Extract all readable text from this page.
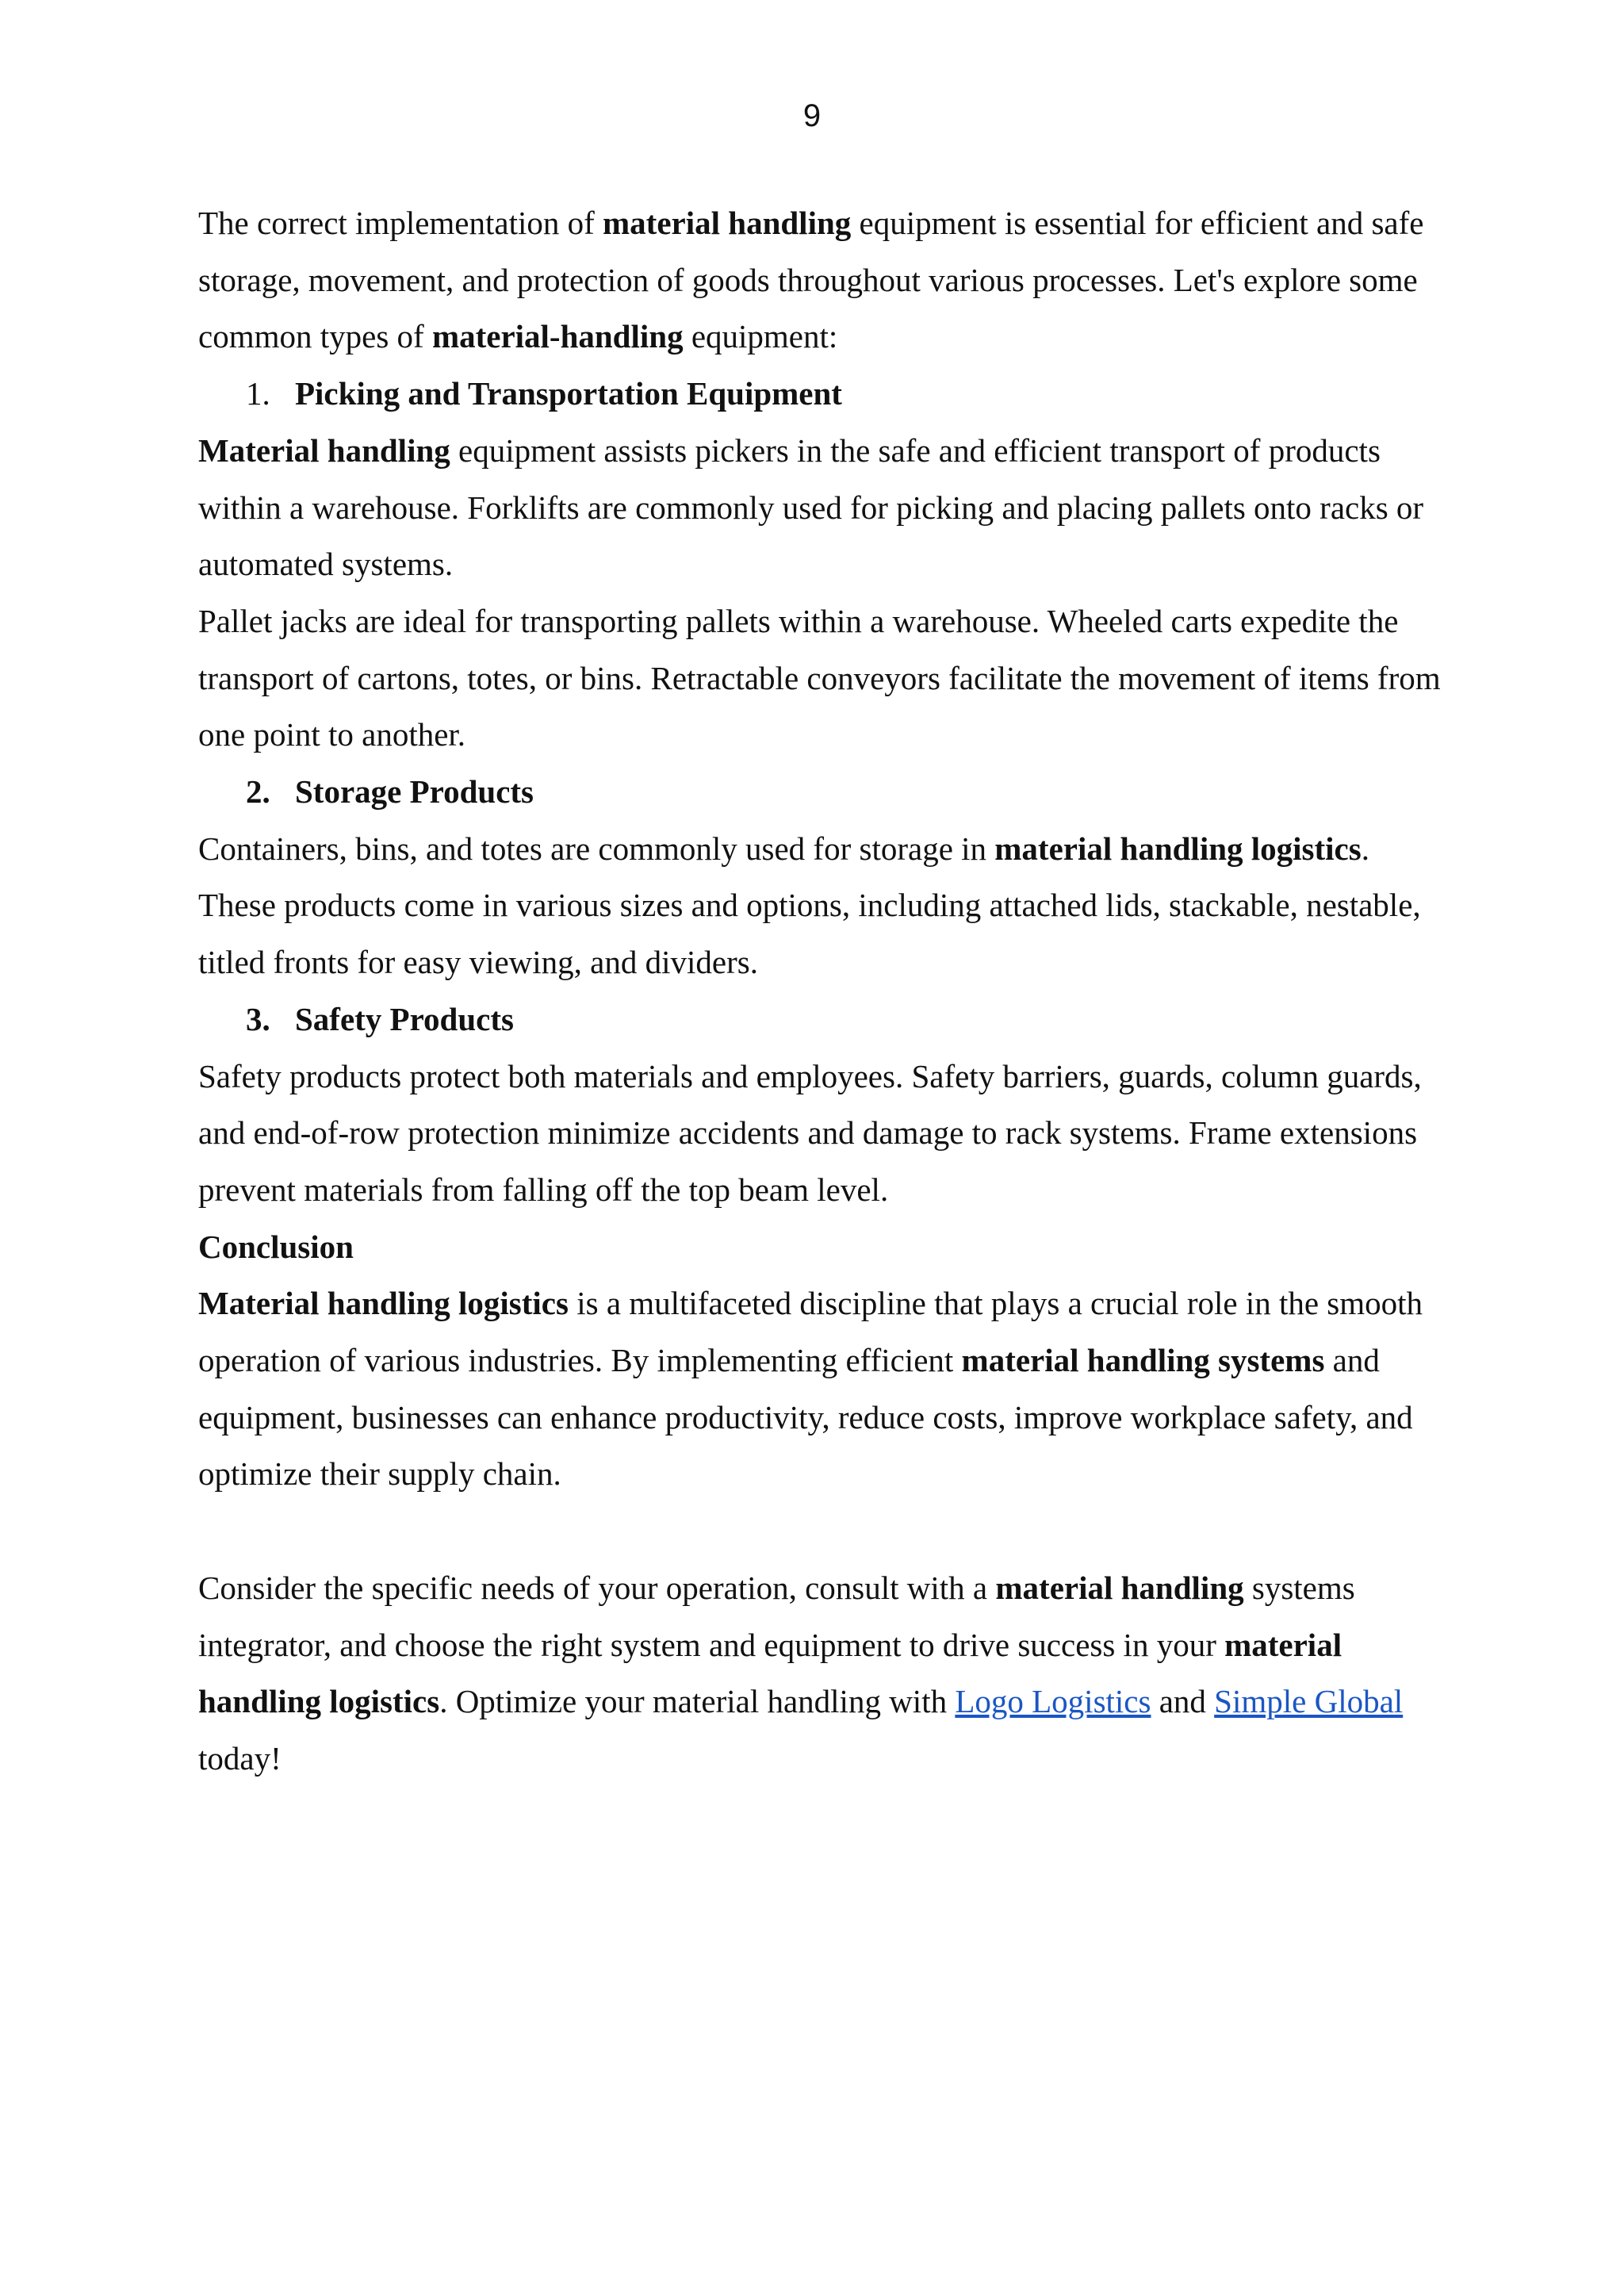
9

The correct implementation of material handling equipment is essential for efficient and safe storage, movement, and protection of goods throughout various processes. Let's explore some common types of material-handling equipment:

1. Picking and Transportation Equipment

Material handling equipment assists pickers in the safe and efficient transport of products within a warehouse. Forklifts are commonly used for picking and placing pallets onto racks or automated systems.

Pallet jacks are ideal for transporting pallets within a warehouse. Wheeled carts expedite the transport of cartons, totes, or bins. Retractable conveyors facilitate the movement of items from one point to another.

2. Storage Products

Containers, bins, and totes are commonly used for storage in material handling logistics. These products come in various sizes and options, including attached lids, stackable, nestable, titled fronts for easy viewing, and dividers.

3. Safety Products

Safety products protect both materials and employees. Safety barriers, guards, column guards, and end-of-row protection minimize accidents and damage to rack systems. Frame extensions prevent materials from falling off the top beam level.

Conclusion

Material handling logistics is a multifaceted discipline that plays a crucial role in the smooth operation of various industries. By implementing efficient material handling systems and equipment, businesses can enhance productivity, reduce costs, improve workplace safety, and optimize their supply chain.

Consider the specific needs of your operation, consult with a material handling systems integrator, and choose the right system and equipment to drive success in your material handling logistics. Optimize your material handling with Logo Logistics and Simple Global today!
